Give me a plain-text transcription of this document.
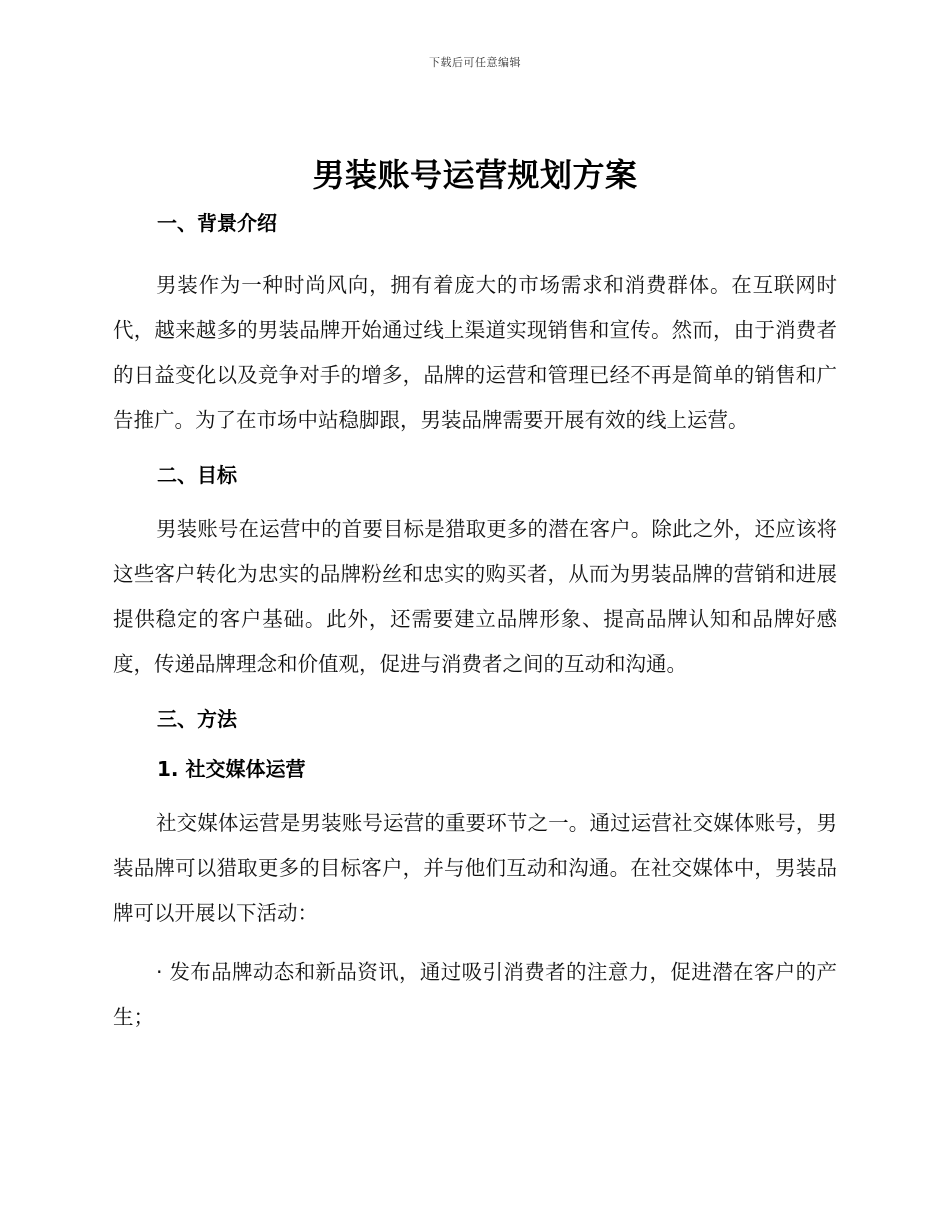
下载后可任意编辑
男装账号运营规划方案
一、背景介绍

男装作为一种时尚风向，拥有着庞大的市场需求和消费群体。在互联网时代，越来越多的男装品牌开始通过线上渠道实现销售和宣传。然而，由于消费者的日益变化以及竞争对手的增多，品牌的运营和管理已经不再是简单的销售和广告推广。为了在市场中站稳脚跟，男装品牌需要开展有效的线上运营。

二、目标

男装账号在运营中的首要目标是猎取更多的潜在客户。除此之外，还应该将这些客户转化为忠实的品牌粉丝和忠实的购买者，从而为男装品牌的营销和进展提供稳定的客户基础。此外，还需要建立品牌形象、提高品牌认知和品牌好感度，传递品牌理念和价值观，促进与消费者之间的互动和沟通。

三、方法
1. 社交媒体运营

社交媒体运营是男装账号运营的重要环节之一。通过运营社交媒体账号，男装品牌可以猎取更多的目标客户，并与他们互动和沟通。在社交媒体中，男装品牌可以开展以下活动：

· 发布品牌动态和新品资讯，通过吸引消费者的注意力，促进潜在客户的产生；
